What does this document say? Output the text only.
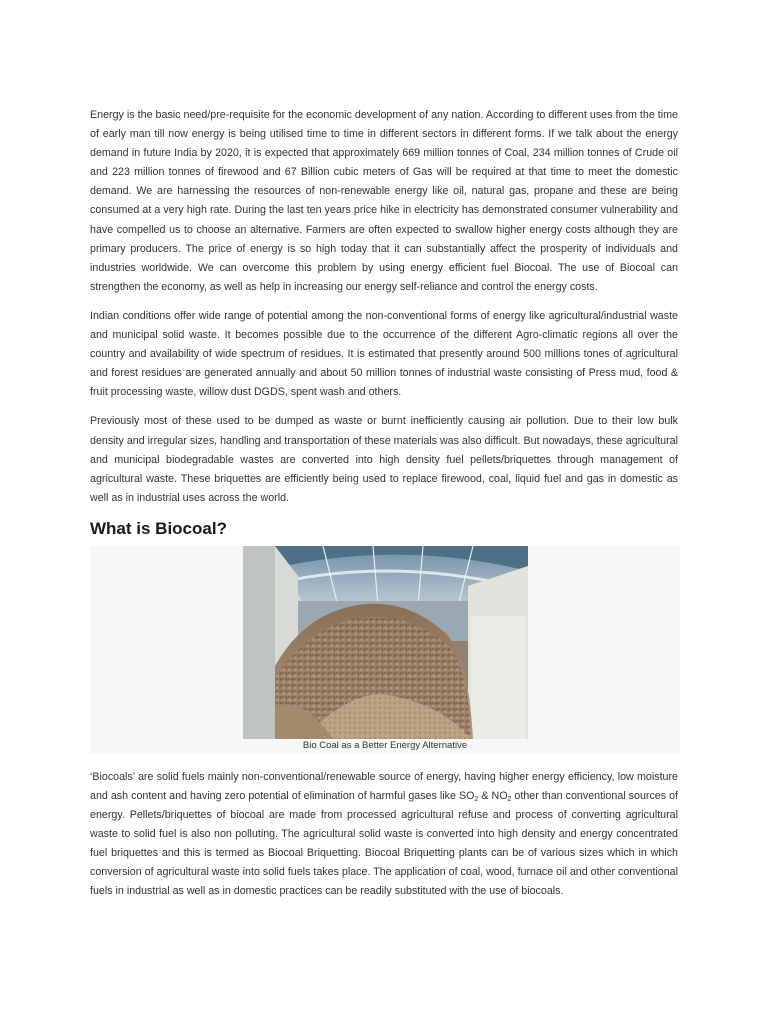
Energy is the basic need/pre-requisite for the economic development of any nation. According to different uses from the time of early man till now energy is being utilised time to time in different sectors in different forms. If we talk about the energy demand in future India by 2020, it is expected that approximately 669 million tonnes of Coal, 234 million tonnes of Crude oil and 223 million tonnes of firewood and 67 Billion cubic meters of Gas will be required at that time to meet the domestic demand. We are harnessing the resources of non-renewable energy like oil, natural gas, propane and these are being consumed at a very high rate. During the last ten years price hike in electricity has demonstrated consumer vulnerability and have compelled us to choose an alternative. Farmers are often expected to swallow higher energy costs although they are primary producers. The price of energy is so high today that it can substantially affect the prosperity of individuals and industries worldwide. We can overcome this problem by using energy efficient fuel Biocoal. The use of Biocoal can strengthen the economy, as well as help in increasing our energy self-reliance and control the energy costs.

Indian conditions offer wide range of potential among the non-conventional forms of energy like agricultural/industrial waste and municipal solid waste. It becomes possible due to the occurrence of the different Agro-climatic regions all over the country and availability of wide spectrum of residues. It is estimated that presently around 500 millions tones of agricultural and forest residues are generated annually and about 50 million tonnes of industrial waste consisting of Press mud, food & fruit processing waste, willow dust DGDS, spent wash and others.

Previously most of these used to be dumped as waste or burnt inefficiently causing air pollution. Due to their low bulk density and irregular sizes, handling and transportation of these materials was also difficult. But nowadays, these agricultural and municipal biodegradable wastes are converted into high density fuel pellets/briquettes through management of agricultural waste. These briquettes are efficiently being used to replace firewood, coal, liquid fuel and gas in domestic as well as in industrial uses across the world.

What is Biocoal?
Bio Coal as a Better Energy Alternative

‘Biocoals’ are solid fuels mainly non-conventional/renewable source of energy, having higher energy efficiency, low moisture and ash content and having zero potential of elimination of harmful gases like $SO_2$ & $NO_2$ other than conventional sources of energy. Pellets/briquettes of biocoal are made from processed agricultural refuse and process of converting agricultural waste to solid fuel is also non polluting. The agricultural solid waste is converted into high density and energy concentrated fuel briquettes and this is termed as Biocoal Briquetting. Biocoal Briquetting plants can be of various sizes which in which conversion of agricultural waste into solid fuels takes place. The application of coal, wood, furnace oil and other conventional fuels in industrial as well as in domestic practices can be readily substituted with the use of biocoals.
